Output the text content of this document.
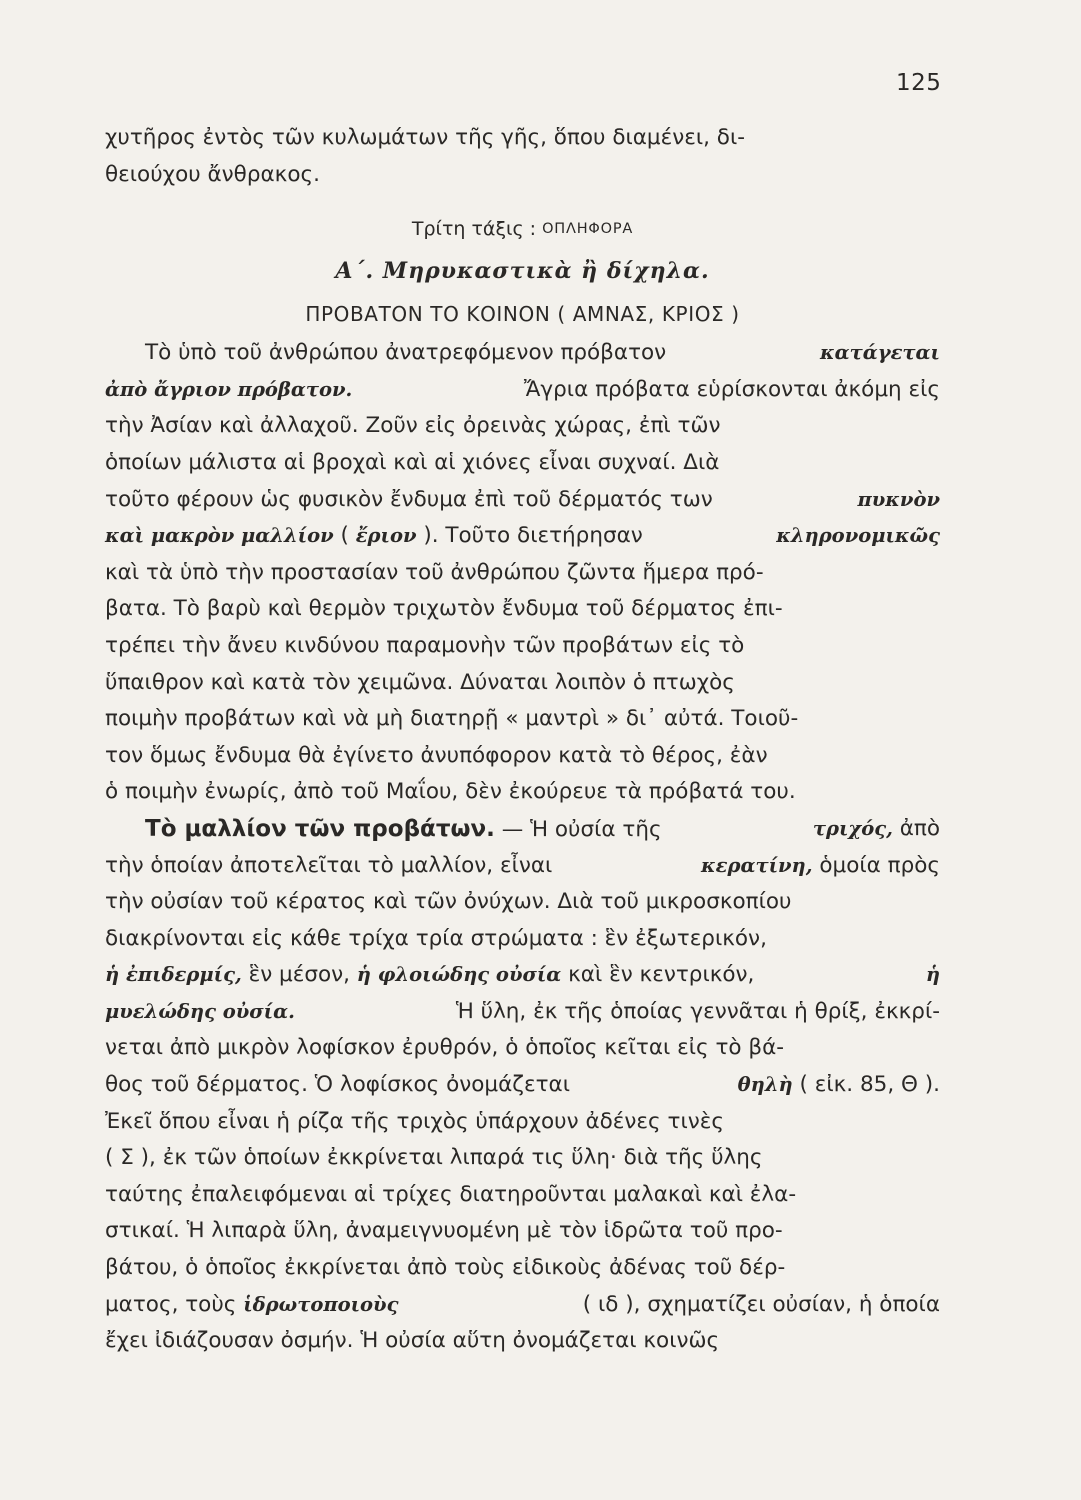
125
χυτῆρος ἐντὸς τῶν κυλωμάτων τῆς γῆς, ὅπου διαμένει, δι-
θειούχου ἄνθρακος.
Τρίτη τάξις : ΟΠΛΗΦΟΡΑ
Α΄. Μηρυκαστικὰ ἢ δίχηλα.
ΠΡΟΒΑΤΟΝ ΤΟ ΚΟΙΝΟΝ ( ΑΜΝΑΣ, ΚΡΙΟΣ )
Τὸ ὑπὸ τοῦ ἀνθρώπου ἀνατρεφόμενον πρόβατον	κατάγεται
ἀπὸ ἄγριον πρόβατον.	Ἄγρια πρόβατα εὑρίσκονται ἀκόμη εἰς
τὴν Ἀσίαν καὶ ἀλλαχοῦ. Ζοῦν εἰς ὀρεινὰς χώρας, ἐπὶ τῶν
ὁποίων μάλιστα αἱ βροχαὶ καὶ αἱ χιόνες εἶναι συχναί. Διὰ
τοῦτο φέρουν ὡς φυσικὸν ἔνδυμα ἐπὶ τοῦ δέρματός των	πυκνὸν
καὶ μακρὸν μαλλίον ( ἔριον ). Τοῦτο διετήρησαν	κληρονομικῶς
καὶ τὰ ὑπὸ τὴν προστασίαν τοῦ ἀνθρώπου ζῶντα ἥμερα πρό-
βατα. Τὸ βαρὺ καὶ θερμὸν τριχωτὸν ἔνδυμα τοῦ δέρματος ἐπι-
τρέπει τὴν ἄνευ κινδύνου παραμονὴν τῶν προβάτων εἰς τὸ
ὕπαιθρον καὶ κατὰ τὸν χειμῶνα. Δύναται λοιπὸν ὁ πτωχὸς
ποιμὴν προβάτων καὶ νὰ μὴ διατηρῇ « μαντρὶ » δι᾽ αὐτά. Τοιοῦ-
τον ὅμως ἔνδυμα θὰ ἐγίνετο ἀνυπόφορον κατὰ τὸ θέρος, ἐὰν
ὁ ποιμὴν ἐνωρίς, ἀπὸ τοῦ Μαΐου, δὲν ἐκούρευε τὰ πρόβατά του.
Τὸ μαλλίον τῶν προβάτων. — Ἡ οὐσία τῆς	τριχός, ἀπὸ
τὴν ὁποίαν ἀποτελεῖται τὸ μαλλίον, εἶναι	κερατίνη, ὁμοία πρὸς
τὴν οὐσίαν τοῦ κέρατος καὶ τῶν ὀνύχων. Διὰ τοῦ μικροσκοπίου
διακρίνονται εἰς κάθε τρίχα τρία στρώματα : ἓν ἐξωτερικόν,
ἡ ἐπιδερμίς, ἓν μέσον, ἡ φλοιώδης οὐσία καὶ ἓν κεντρικόν,	ἡ
μυελώδης οὐσία.	Ἡ ὕλη, ἐκ τῆς ὁποίας γεννᾶται ἡ θρίξ, ἐκκρί-
νεται ἀπὸ μικρὸν λοφίσκον ἐρυθρόν, ὁ ὁποῖος κεῖται εἰς τὸ βά-
θος τοῦ δέρματος. Ὁ λοφίσκος ὀνομάζεται	θηλὴ ( εἰκ. 85, Θ ).
Ἐκεῖ ὅπου εἶναι ἡ ρίζα τῆς τριχὸς ὑπάρχουν ἀδένες τινὲς
( Σ ), ἐκ τῶν ὁποίων ἐκκρίνεται λιπαρά τις ὕλη· διὰ τῆς ὕλης
ταύτης ἐπαλειφόμεναι αἱ τρίχες διατηροῦνται μαλακαὶ καὶ ἐλα-
στικαί. Ἡ λιπαρὰ ὕλη, ἀναμειγνυομένη μὲ τὸν ἱδρῶτα τοῦ προ-
βάτου, ὁ ὁποῖος ἐκκρίνεται ἀπὸ τοὺς εἰδικοὺς ἀδένας τοῦ δέρ-
ματος, τοὺς ἱδρωτοποιοὺς	( ιδ ), σχηματίζει οὐσίαν, ἡ ὁποία
ἔχει ἰδιάζουσαν ὀσμήν. Ἡ οὐσία αὕτη ὀνομάζεται κοινῶς
